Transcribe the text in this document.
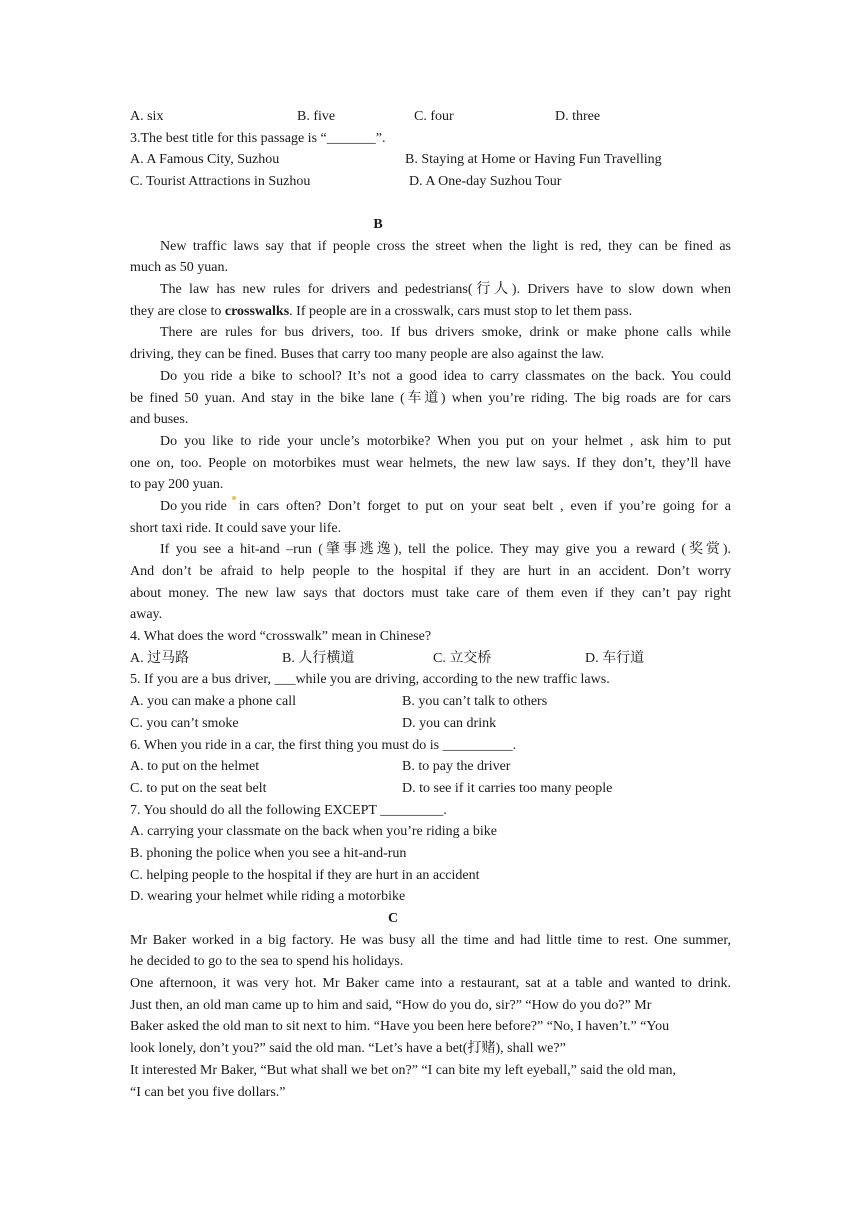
A. six	B. five	C. four	D. three
3.The best title for this passage is “_______”.
A. A Famous City, Suzhou	B. Staying at Home or Having Fun Travelling
C. Tourist Attractions in Suzhou	D. A One-day Suzhou Tour
B
New traffic laws say that if people cross the street when the light is red, they can be fined as
much as 50 yuan.
The law has new rules for drivers and pedestrians(行人). Drivers have to slow down when
they are close to crosswalks. If people are in a crosswalk, cars must stop to let them pass.
There are rules for bus drivers, too. If bus drivers smoke, drink or make phone calls while
driving, they can be fined. Buses that carry too many people are also against the law.
Do you ride a bike to school? It’s not a good idea to carry classmates on the back. You could
be fined 50 yuan. And stay in the bike lane (车道) when you’re riding. The big roads are for cars
and buses.
Do you like to ride your uncle’s motorbike? When you put on your helmet , ask him to put
one on, too. People on motorbikes must wear helmets, the new law says. If they don’t, they’ll have
to pay 200 yuan.
Do you ride in cars often? Don’t forget to put on your seat belt , even if you’re going for a
short taxi ride. It could save your life.
If you see a hit-and –run (肇事逃逸), tell the police. They may give you a reward (奖赏).
And don’t be afraid to help people to the hospital if they are hurt in an accident. Don’t worry
about money. The new law says that doctors must take care of them even if they can’t pay right
away.
4. What does the word “crosswalk” mean in Chinese?
A. 过马路	B. 人行横道	C. 立交桥	D. 车行道
5. If you are a bus driver, ___while you are driving, according to the new traffic laws.
A. you can make a phone call	B. you can’t talk to others
C. you can’t smoke	D. you can drink
6. When you ride in a car, the first thing you must do is __________.
A. to put on the helmet	B. to pay the driver
C. to put on the seat belt	D. to see if it carries too many people
7. You should do all the following EXCEPT _________.
A. carrying your classmate on the back when you’re riding a bike
B. phoning the police when you see a hit-and-run
C. helping people to the hospital if they are hurt in an accident
D. wearing your helmet while riding a motorbike
C
Mr Baker worked in a big factory. He was busy all the time and had little time to rest. One summer,
he decided to go to the sea to spend his holidays.
One afternoon, it was very hot. Mr Baker came into a restaurant, sat at a table and wanted to drink.
Just then, an old man came up to him and said, “How do you do, sir?” “How do you do?” Mr
Baker asked the old man to sit next to him. “Have you been here before?” “No, I haven’t.” “You
look lonely, don’t you?” said the old man. “Let’s have a bet(打赌), shall we?”
It interested Mr Baker, “But what shall we bet on?” “I can bite my left eyeball,” said the old man,
“I can bet you five dollars.”
